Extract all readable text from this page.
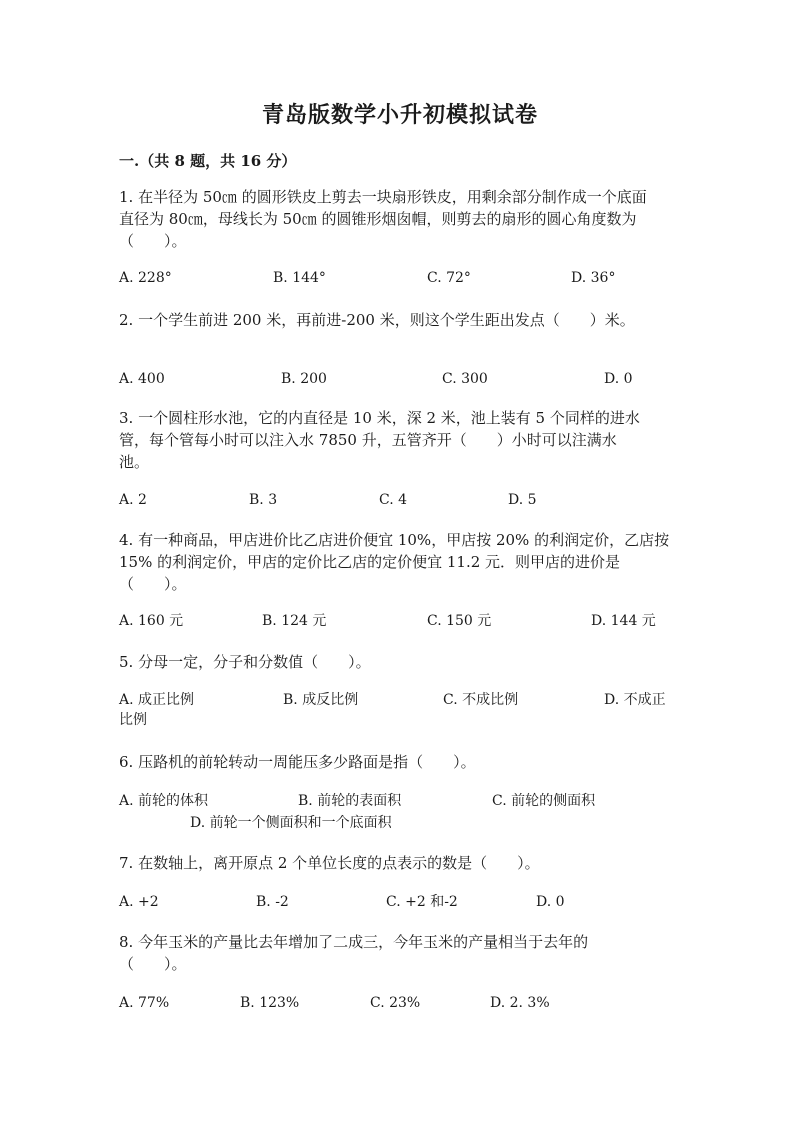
青岛版数学小升初模拟试卷
一.（共 8 题，共 16 分）
1. 在半径为 50㎝ 的圆形铁皮上剪去一块扇形铁皮，用剩余部分制作成一个底面
直径为 80㎝，母线长为 50㎝ 的圆锥形烟囱帽，则剪去的扇形的圆心角度数为
（　　）。
A. 228°	B. 144°	C. 72°	D. 36°
2. 一个学生前进 200 米，再前进-200 米，则这个学生距出发点（　　）米。
A. 400	B. 200	C. 300	D. 0
3. 一个圆柱形水池，它的内直径是 10 米，深 2 米，池上装有 5 个同样的进水
管，每个管每小时可以注入水 7850 升，五管齐开（　　）小时可以注满水
池。
A. 2	B. 3	C. 4	D. 5
4. 有一种商品，甲店进价比乙店进价便宜 10%，甲店按 20% 的利润定价，乙店按
15% 的利润定价，甲店的定价比乙店的定价便宜 11.2 元．则甲店的进价是
（　　）。
A. 160 元	B. 124 元	C. 150 元	D. 144 元
5. 分母一定，分子和分数值（　　）。
A. 成正比例	B. 成反比例	C. 不成比例	D. 不成正
比例
6. 压路机的前轮转动一周能压多少路面是指（　　）。
A. 前轮的体积	B. 前轮的表面积	C. 前轮的侧面积
D. 前轮一个侧面积和一个底面积
7. 在数轴上，离开原点 2 个单位长度的点表示的数是（　　）。
A. +2	B. -2	C. +2 和-2	D. 0
8. 今年玉米的产量比去年增加了二成三，今年玉米的产量相当于去年的
（　　）。
A. 77%	B. 123%	C. 23%	D. 2. 3%
